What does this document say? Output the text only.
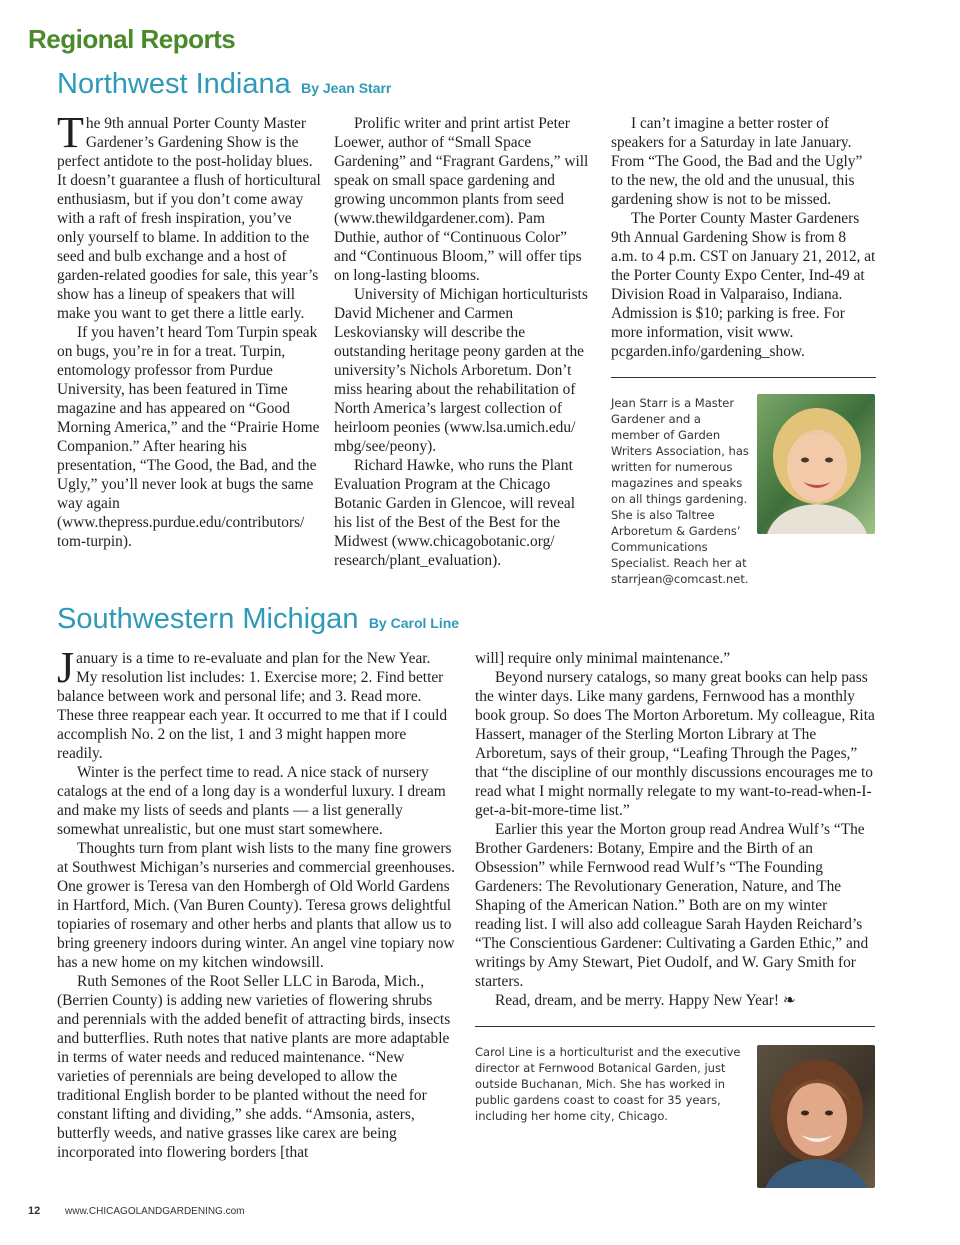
Regional Reports
Northwest Indiana By Jean Starr

The 9th annual Porter County Master Gardener’s Gardening Show is the perfect antidote to the post-holiday blues. It doesn’t guarantee a flush of horticultural enthusiasm, but if you don’t come away with a raft of fresh inspiration, you’ve only yourself to blame. In addition to the seed and bulb exchange and a host of garden-related goodies for sale, this year’s show has a lineup of speakers that will make you want to get there a little early.

If you haven’t heard Tom Turpin speak on bugs, you’re in for a treat. Turpin, entomology professor from Purdue University, has been featured in Time magazine and has appeared on “Good Morning America,” and the “Prairie Home Companion.” After hearing his presentation, “The Good, the Bad, and the Ugly,” you’ll never look at bugs the same way again (www.thepress.purdue.edu/contributors/ tom-turpin).

Prolific writer and print artist Peter Loewer, author of “Small Space Gardening” and “Fragrant Gardens,” will speak on small space gardening and growing uncommon plants from seed (www.thewildgardener.com). Pam Duthie, author of “Continuous Color” and “Continuous Bloom,” will offer tips on long-lasting blooms.

University of Michigan horticulturists David Michener and Carmen Leskoviansky will describe the outstanding heritage peony garden at the university’s Nichols Arboretum. Don’t miss hearing about the rehabilitation of North America’s largest collection of heirloom peonies (www.lsa.umich.edu/ mbg/see/peony).

Richard Hawke, who runs the Plant Evaluation Program at the Chicago Botanic Garden in Glencoe, will reveal his list of the Best of the Best for the Midwest (www.chicagobotanic.org/ research/plant_evaluation).

I can’t imagine a better roster of speakers for a Saturday in late January. From “The Good, the Bad and the Ugly” to the new, the old and the unusual, this gardening show is not to be missed.

The Porter County Master Gardeners 9th Annual Gardening Show is from 8 a.m. to 4 p.m. CST on January 21, 2012, at the Porter County Expo Center, Ind-49 at Division Road in Valparaiso, Indiana. Admission is $10; parking is free. For more information, visit www. pcgarden.info/gardening_show.

Jean Starr is a Master Gardener and a member of Garden Writers Association, has written for numerous magazines and speaks on all things gardening. She is also Taltree Arboretum & Gardens’ Communications Specialist. Reach her at starrjean@comcast.net.

Southwestern Michigan By Carol Line

January is a time to re-evaluate and plan for the New Year. My resolution list includes: 1. Exercise more; 2. Find better balance between work and personal life; and 3. Read more. These three reappear each year. It occurred to me that if I could accomplish No. 2 on the list, 1 and 3 might happen more readily.

Winter is the perfect time to read. A nice stack of nursery catalogs at the end of a long day is a wonderful luxury. I dream and make my lists of seeds and plants — a list generally somewhat unrealistic, but one must start somewhere.

Thoughts turn from plant wish lists to the many fine growers at Southwest Michigan’s nurseries and commercial greenhouses. One grower is Teresa van den Hombergh of Old World Gardens in Hartford, Mich. (Van Buren County). Teresa grows delightful topiaries of rosemary and other herbs and plants that allow us to bring greenery indoors during winter. An angel vine topiary now has a new home on my kitchen windowsill.

Ruth Semones of the Root Seller LLC in Baroda, Mich., (Berrien County) is adding new varieties of flowering shrubs and perennials with the added benefit of attracting birds, insects and butterflies. Ruth notes that native plants are more adaptable in terms of water needs and reduced maintenance. “New varieties of perennials are being developed to allow the traditional English border to be planted without the need for constant lifting and dividing,” she adds. “Amsonia, asters, butterfly weeds, and native grasses like carex are being incorporated into flowering borders [that

will] require only minimal maintenance.”

Beyond nursery catalogs, so many great books can help pass the winter days. Like many gardens, Fernwood has a monthly book group. So does The Morton Arboretum. My colleague, Rita Hassert, manager of the Sterling Morton Library at The Arboretum, says of their group, “Leafing Through the Pages,” that “the discipline of our monthly discussions encourages me to read what I might normally relegate to my want-to-read-when-I-get-a-bit-more-time list.”

Earlier this year the Morton group read Andrea Wulf’s “The Brother Gardeners: Botany, Empire and the Birth of an Obsession” while Fernwood read Wulf’s “The Founding Gardeners: The Revolutionary Generation, Nature, and The Shaping of the American Nation.” Both are on my winter reading list. I will also add colleague Sarah Hayden Reichard’s “The Conscientious Gardener: Cultivating a Garden Ethic,” and writings by Amy Stewart, Piet Oudolf, and W. Gary Smith for starters.

Read, dream, and be merry. Happy New Year! ❧

Carol Line is a horticulturist and the executive director at Fernwood Botanical Garden, just outside Buchanan, Mich. She has worked in public gardens coast to coast for 35 years, including her home city, Chicago.

12 www.CHICAGOLANDGARDENING.com
